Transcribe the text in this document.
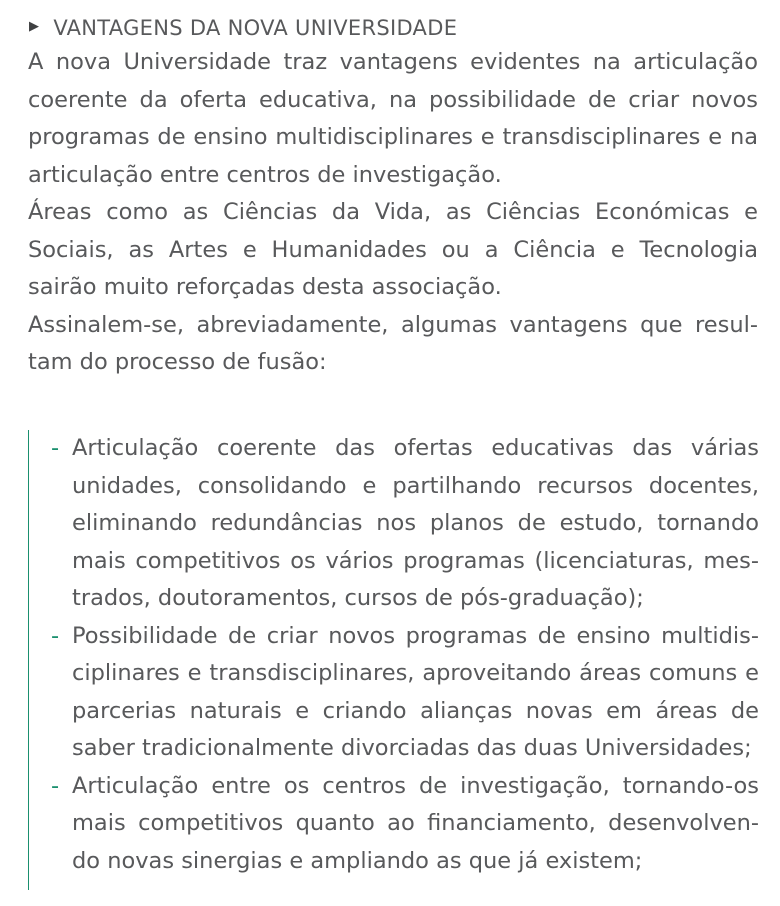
▶ VANTAGENS DA NOVA UNIVERSIDADE

A nova Universidade traz vantagens evidentes na articulação coerente da oferta educativa, na possibilidade de criar novos programas de ensino multidisciplinares e transdisciplinares e na articulação entre centros de investigação.

Áreas como as Ciências da Vida, as Ciências Económicas e Sociais, as Artes e Humanidades ou a Ciência e Tecnologia sairão muito reforçadas desta associação.

Assinalem-se, abreviadamente, algumas vantagens que resul-tam do processo de fusão:

- Articulação coerente das ofertas educativas das várias unidades, consolidando e partilhando recursos docentes, eliminando redundâncias nos planos de estudo, tornando mais competitivos os vários programas (licenciaturas, mes-trados, doutoramentos, cursos de pós-graduação);
- Possibilidade de criar novos programas de ensino multidis-ciplinares e transdisciplinares, aproveitando áreas comuns e parcerias naturais e criando alianças novas em áreas de saber tradicionalmente divorciadas das duas Universidades;
- Articulação entre os centros de investigação, tornando-os mais competitivos quanto ao financiamento, desenvolven-do novas sinergias e ampliando as que já existem;
